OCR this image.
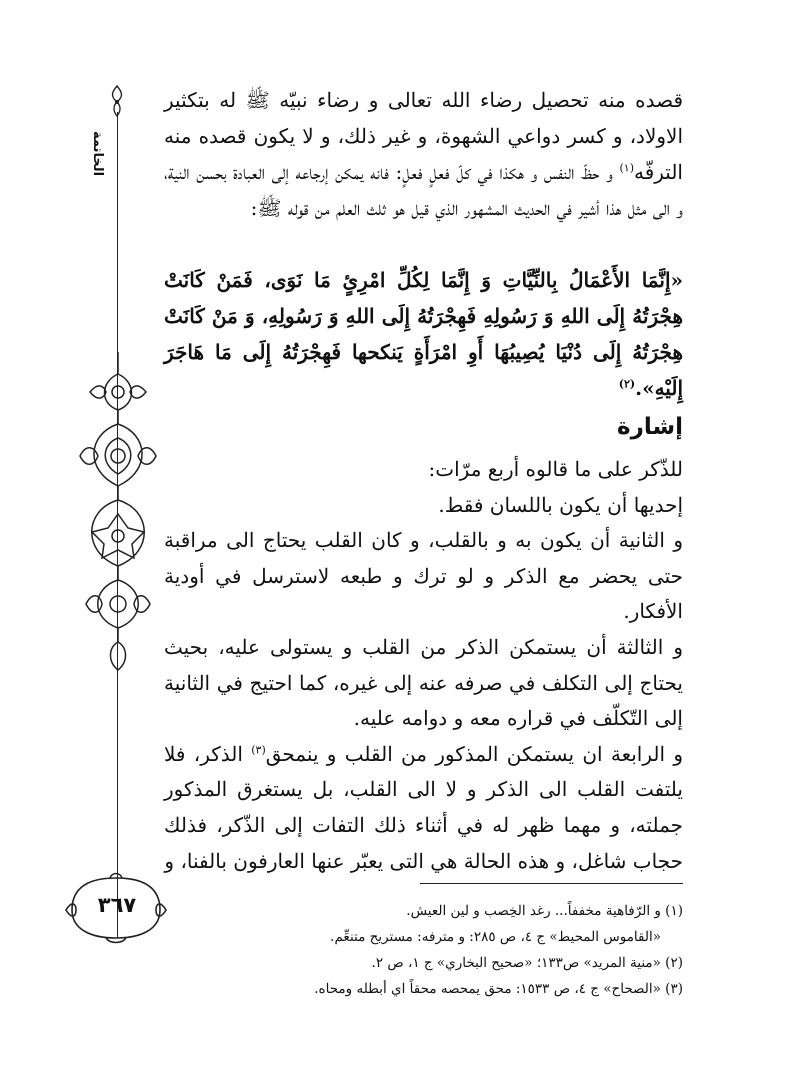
الخاتمة
٣٦٧
قصده منه تحصيل رضاء الله تعالى و رضاء نبيّه ﷺ له بتكثير الاولاد، و كسر دواعي الشهوة، و غير ذلك، و لا يكون قصده منه الترفّه$^{(١)}$ و حظّ النفس و هكذا في كلّ فعلٍ فعلٍ: فانه يمكن إرجاعه إلى العبادة بحسن النية، و الى مثل هذا أشير في الحديث المشهور الذي قيل هو ثلث العلم من قوله ﷺ:
«إِنَّمَا الأَعْمَالُ بِالنِّيَّاتِ وَ إِنَّمَا لِكُلِّ امْرِئٍ مَا نَوَى، فَمَنْ كَانَتْ هِجْرَتُهُ إِلَى اللهِ وَ رَسُولِهِ فَهِجْرَتُهُ إِلَى اللهِ وَ رَسُولِهِ، وَ مَنْ كَانَتْ هِجْرَتُهُ إِلَى دُنْيَا يُصِيبُهَا أَوِ امْرَأَةٍ يَنكحها فَهِجْرَتُهُ إِلَى مَا هَاجَرَ إِلَيْهِ».$^{(٢)}$
إشارة

للذّكر على ما قالوه أربع مرّات:

إحديها أن يكون باللسان فقط.

و الثانية أن يكون به و بالقلب، و كان القلب يحتاج الى مراقبة حتى يحضر مع الذكر و لو ترك و طبعه لاسترسل في أودية الأفكار.

و الثالثة أن يستمكن الذكر من القلب و يستولى عليه، بحيث يحتاج إلى التكلف في صرفه عنه إلى غيره، كما احتيج في الثانية إلى التّكلّف في قراره معه و دوامه عليه.

و الرابعة ان يستمكن المذكور من القلب و ينمحق$^{(٣)}$ الذكر، فلا يلتفت القلب الى الذكر و لا الى القلب، بل يستغرق المذكور جملته، و مهما ظهر له في أثناء ذلك التفات إلى الذّكر، فذلك حجاب شاغل، و هذه الحالة هي التى يعبّر عنها العارفون بالفنا، و

(١) و الرّفاهية مخففاً... رغد الخِصب و لين العيش.

«القاموس المحيط» ج ٤، ص ٢٨٥: و مترفه: مستريح متنعِّم.

(٢) «منية المريد» ص١٣٣؛ «صحيح البخاري» ج ١، ص ٢.

(٣) «الصحاح» ج ٤، ص ١٥٣٣: محق يمحصه محقاً اي أبطله ومحاه.
